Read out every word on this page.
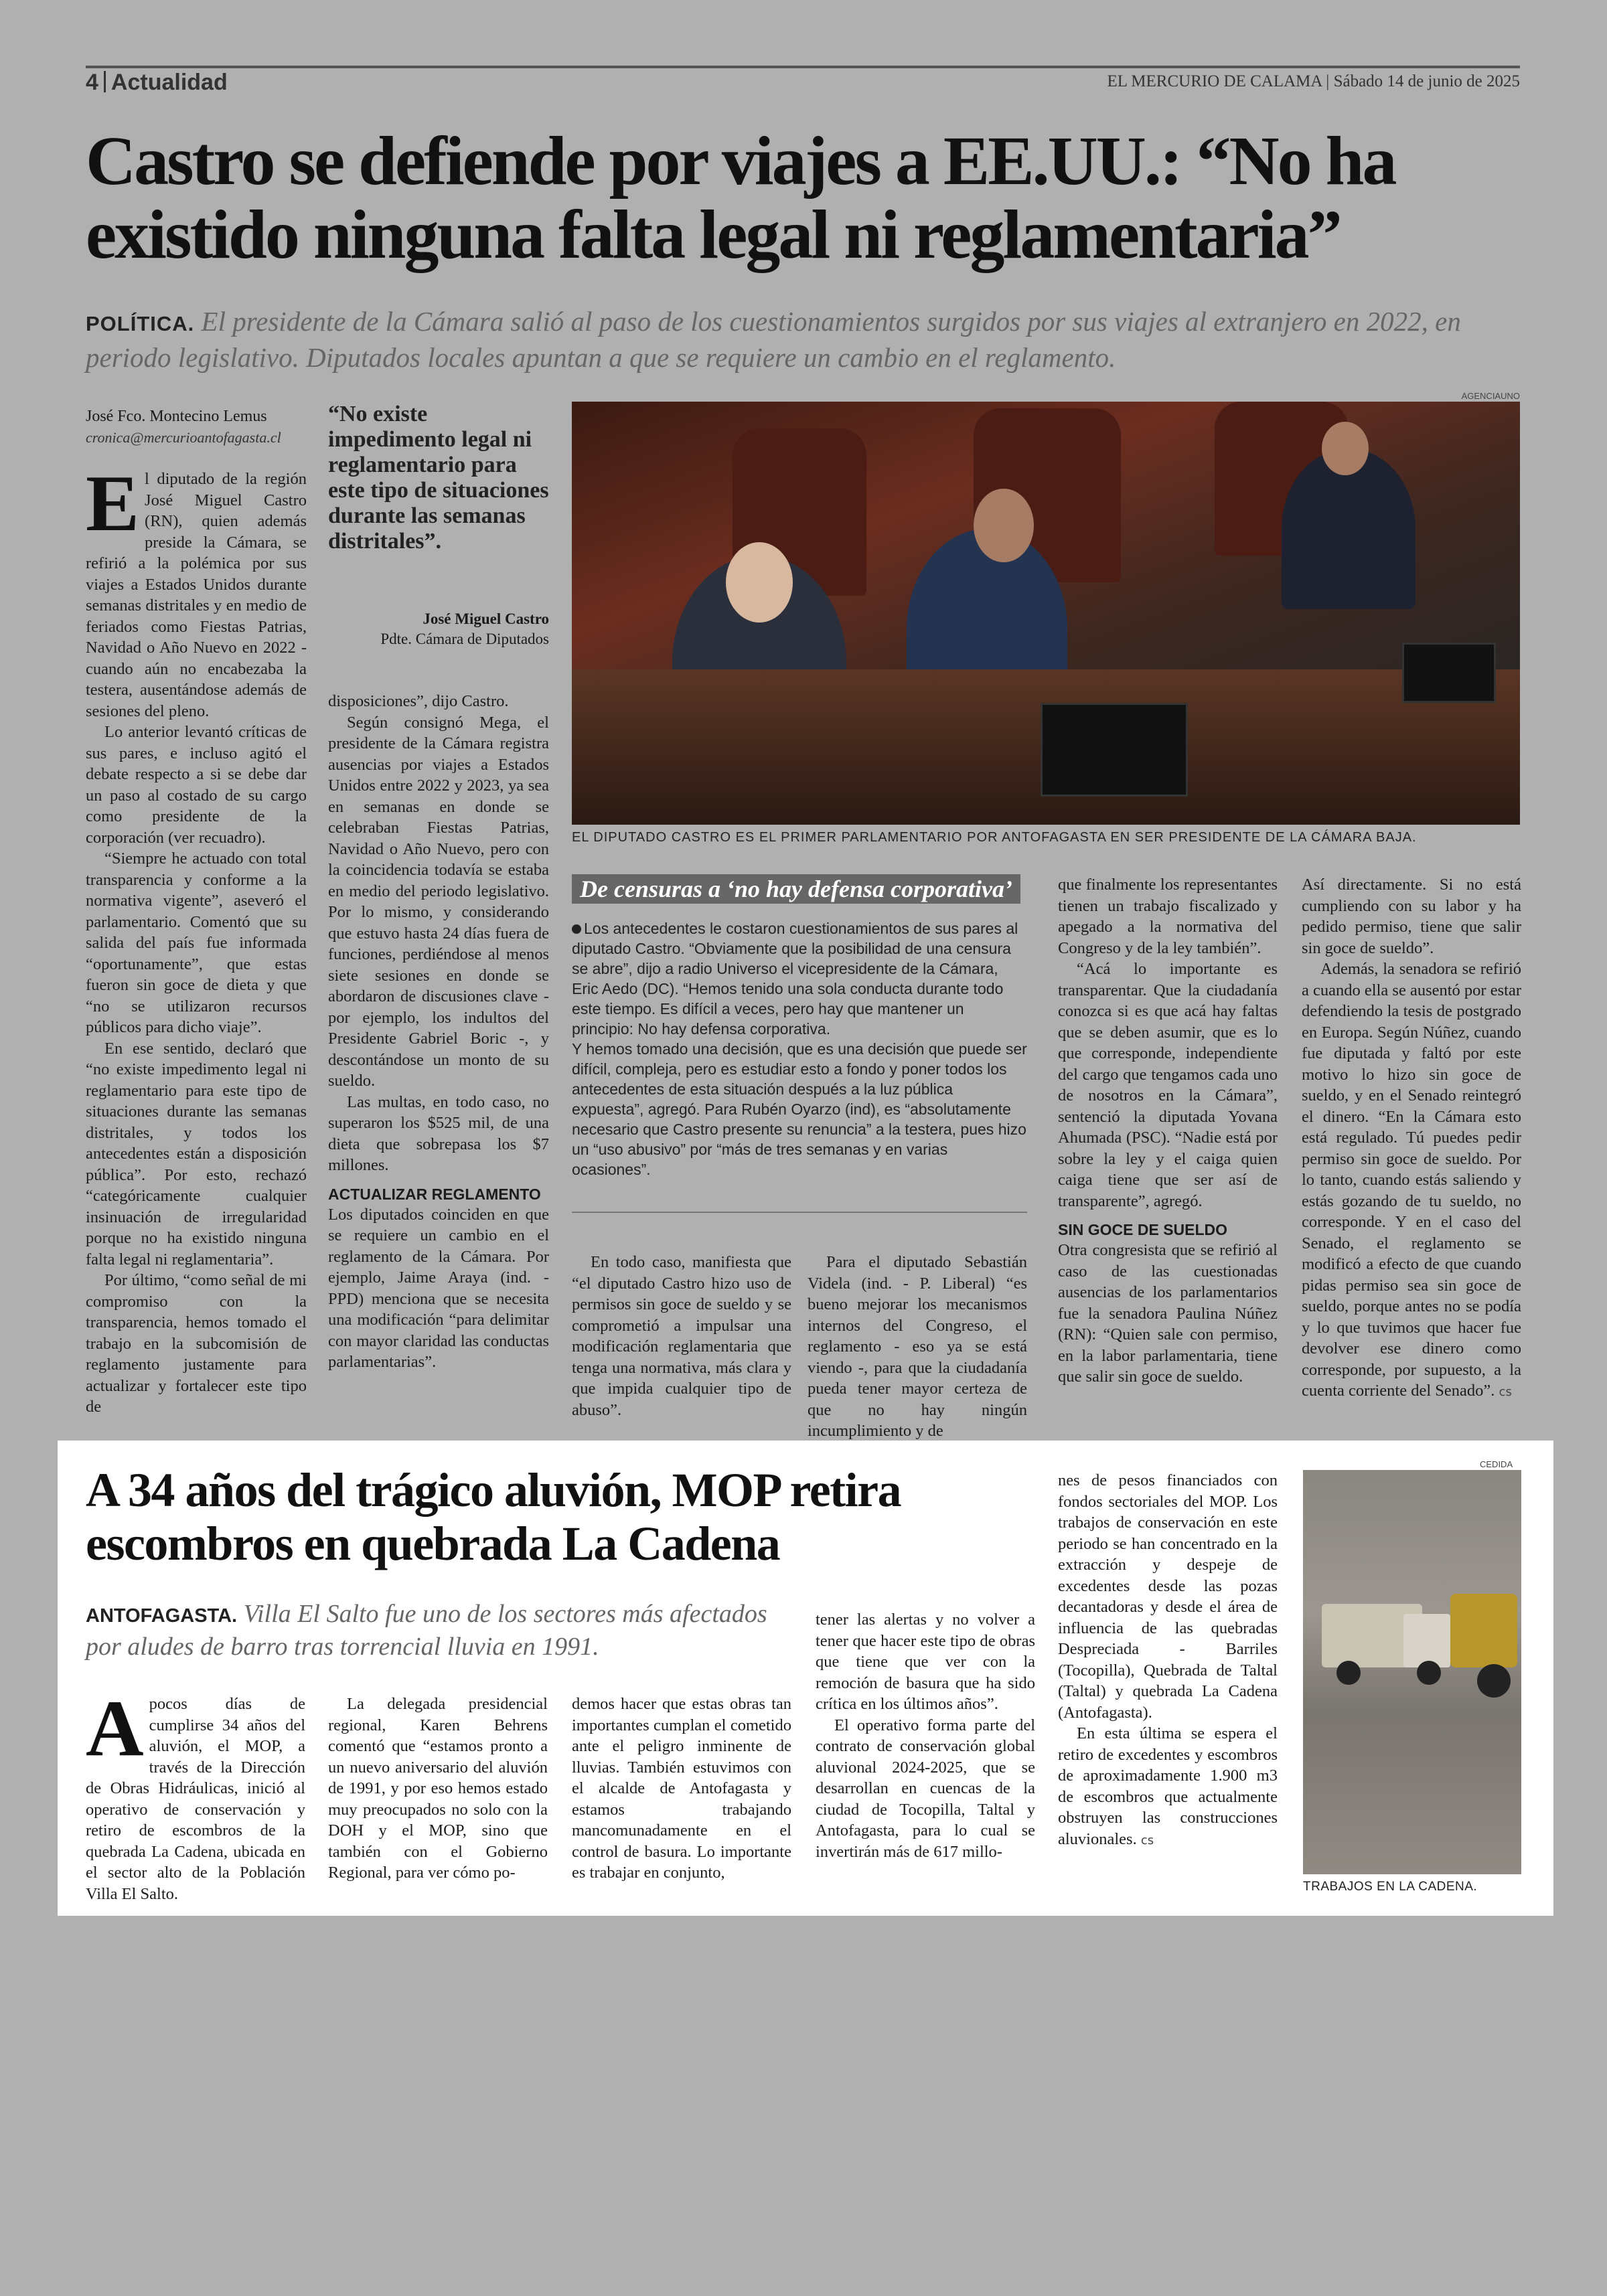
4 Actualidad	EL MERCURIO DE CALAMA | Sábado 14 de junio de 2025
Castro se defiende por viajes a EE.UU.: “No ha existido ninguna falta legal ni reglamentaria”
POLÍTICA. El presidente de la Cámara salió al paso de los cuestionamientos surgidos por sus viajes al extranjero en 2022, en periodo legislativo. Diputados locales apuntan a que se requiere un cambio en el reglamento.
José Fco. Montecino Lemus
cronica@mercurioantofagasta.cl
E l diputado de la región José Miguel Castro (RN), quien además preside la Cámara, se refirió a la polémica por sus viajes a Estados Unidos durante semanas distritales y en medio de feriados como Fiestas Patrias, Navidad o Año Nuevo en 2022 -cuando aún no encabezaba la testera, ausentándose además de sesiones del pleno.

Lo anterior levantó críticas de sus pares, e incluso agitó el debate respecto a si se debe dar un paso al costado de su cargo como presidente de la corporación (ver recuadro).

“Siempre he actuado con total transparencia y conforme a la normativa vigente”, aseveró el parlamentario. Comentó que su salida del país fue informada “oportunamente”, que estas fueron sin goce de dieta y que “no se utilizaron recursos públicos para dicho viaje”.

En ese sentido, declaró que “no existe impedimento legal ni reglamentario para este tipo de situaciones durante las semanas distritales, y todos los antecedentes están a disposición pública”. Por esto, rechazó “categóricamente cualquier insinuación de irregularidad porque no ha existido ninguna falta legal ni reglamentaria”.

Por último, “como señal de mi compromiso con la transparencia, hemos tomado el trabajo en la subcomisión de reglamento justamente para actualizar y fortalecer este tipo de

“No existe impedimento legal ni reglamentario para este tipo de situaciones durante las semanas distritales”.
José Miguel Castro
Pdte. Cámara de Diputados

disposiciones”, dijo Castro.

Según consignó Mega, el presidente de la Cámara registra ausencias por viajes a Estados Unidos entre 2022 y 2023, ya sea en semanas en donde se celebraban Fiestas Patrias, Navidad o Año Nuevo, pero con la coincidencia todavía se estaba en medio del periodo legislativo. Por lo mismo, y considerando que estuvo hasta 24 días fuera de funciones, perdiéndose al menos siete sesiones en donde se abordaron de discusiones clave - por ejemplo, los indultos del Presidente Gabriel Boric -, y descontándose un monto de su sueldo.

Las multas, en todo caso, no superaron los $525 mil, de una dieta que sobrepasa los $7 millones.

ACTUALIZAR REGLAMENTO

Los diputados coinciden en que se requiere un cambio en el reglamento de la Cámara. Por ejemplo, Jaime Araya (ind. - PPD) menciona que se necesita una modificación “para delimitar con mayor claridad las conductas parlamentarias”.

AGENCIAUNO
EL DIPUTADO CASTRO ES EL PRIMER PARLAMENTARIO POR ANTOFAGASTA EN SER PRESIDENTE DE LA CÁMARA BAJA.
De censuras a ‘no hay defensa corporativa’

Los antecedentes le costaron cuestionamientos de sus pares al diputado Castro. “Obviamente que la posibilidad de una censura se abre”, dijo a radio Universo el vicepresidente de la Cámara, Eric Aedo (DC). “Hemos tenido una sola conducta durante todo este tiempo. Es difícil a veces, pero hay que mantener un principio: No hay defensa corporativa.

Y hemos tomado una decisión, que es una decisión que puede ser difícil, compleja, pero es estudiar esto a fondo y poner todos los antecedentes de esta situación después a la luz pública expuesta”, agregó. Para Rubén Oyarzo (ind), es “absolutamente necesario que Castro presente su renuncia” a la testera, pues hizo un “uso abusivo” por “más de tres semanas y en varias ocasiones”.

En todo caso, manifiesta que “el diputado Castro hizo uso de permisos sin goce de sueldo y se comprometió a impulsar una modificación reglamentaria que tenga una normativa, más clara y que impida cualquier tipo de abuso”.

Para el diputado Sebastián Videla (ind. - P. Liberal) “es bueno mejorar los mecanismos internos del Congreso, el reglamento - eso ya se está viendo -, para que la ciudadanía pueda tener mayor certeza de que no hay ningún incumplimiento y de

que finalmente los representantes tienen un trabajo fiscalizado y apegado a la normativa del Congreso y de la ley también”.

“Acá lo importante es transparentar. Que la ciudadanía conozca si es que acá hay faltas que se deben asumir, que es lo que corresponde, independiente del cargo que tengamos cada uno de nosotros en la Cámara”, sentenció la diputada Yovana Ahumada (PSC). “Nadie está por sobre la ley y el caiga quien caiga tiene que ser así de transparente”, agregó.

SIN GOCE DE SUELDO

Otra congresista que se refirió al caso de las cuestionadas ausencias de los parlamentarios fue la senadora Paulina Núñez (RN): “Quien sale con permiso, en la labor parlamentaria, tiene que salir sin goce de sueldo.

Así directamente. Si no está cumpliendo con su labor y ha pedido permiso, tiene que salir sin goce de sueldo”.

Además, la senadora se refirió a cuando ella se ausentó por estar defendiendo la tesis de postgrado en Europa. Según Núñez, cuando fue diputada y faltó por este motivo lo hizo sin goce de sueldo, y en el Senado reintegró el dinero. “En la Cámara esto está regulado. Tú puedes pedir permiso sin goce de sueldo. Por lo tanto, cuando estás saliendo y estás gozando de tu sueldo, no corresponde. Y en el caso del Senado, el reglamento se modificó a efecto de que cuando pidas permiso sea sin goce de sueldo, porque antes no se podía y lo que tuvimos que hacer fue devolver ese dinero como corresponde, por supuesto, a la cuenta corriente del Senado”. cs

A 34 años del trágico aluvión, MOP retira escombros en quebrada La Cadena
ANTOFAGASTA. Villa El Salto fue uno de los sectores más afectados por aludes de barro tras torrencial lluvia en 1991.
A pocos días de cumplirse 34 años del aluvión, el MOP, a través de la Dirección de Obras Hidráulicas, inició al operativo de conservación y retiro de escombros de la quebrada La Cadena, ubicada en el sector alto de la Población Villa El Salto.

La delegada presidencial regional, Karen Behrens comentó que “estamos pronto a un nuevo aniversario del aluvión de 1991, y por eso hemos estado muy preocupados no solo con la DOH y el MOP, sino que también con el Gobierno Regional, para ver cómo po-

demos hacer que estas obras tan importantes cumplan el cometido ante el peligro inminente de lluvias. También estuvimos con el alcalde de Antofagasta y estamos trabajando mancomunadamente en el control de basura. Lo importante es trabajar en conjunto,

tener las alertas y no volver a tener que hacer este tipo de obras que tiene que ver con la remoción de basura que ha sido crítica en los últimos años”.

El operativo forma parte del contrato de conservación global aluvional 2024-2025, que se desarrollan en cuencas de la ciudad de Tocopilla, Taltal y Antofagasta, para lo cual se invertirán más de 617 millo-

nes de pesos financiados con fondos sectoriales del MOP. Los trabajos de conservación en este periodo se han concentrado en la extracción y despeje de excedentes desde las pozas decantadoras y desde el área de influencia de las quebradas Despreciada - Barriles (Tocopilla), Quebrada de Taltal (Taltal) y quebrada La Cadena (Antofagasta).

En esta última se espera el retiro de excedentes y escombros de aproximadamente 1.900 m3 de escombros que actualmente obstruyen las construcciones aluvionales. cs

CEDIDA
TRABAJOS EN LA CADENA.
